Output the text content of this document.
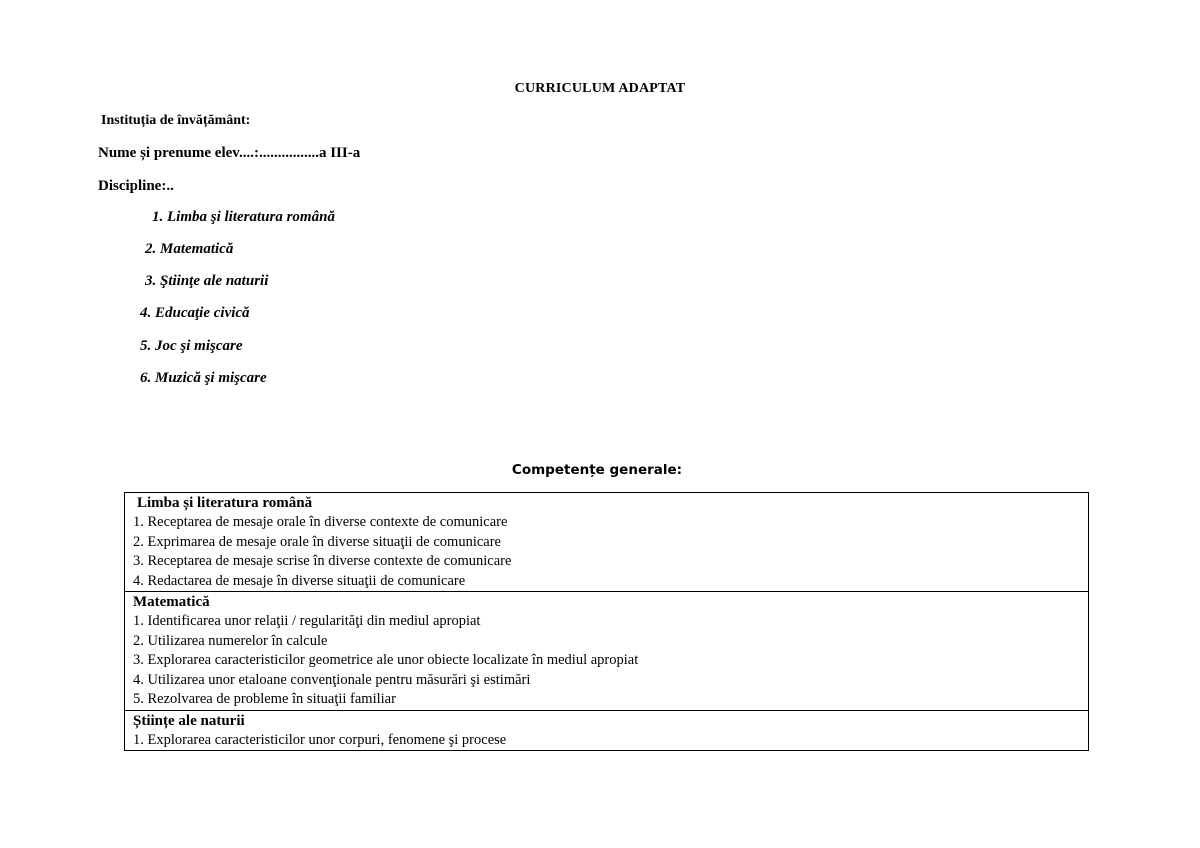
CURRICULUM ADAPTAT
Instituția de învățământ:
Nume și prenume elev....:................a III-a
Discipline:..
1. Limba şi literatura română
2. Matematică
3. Ştiinţe ale naturii
4. Educaţie civică
5. Joc şi mişcare
6. Muzică şi mişcare
Competențe generale:
Limba și literatura română
1. Receptarea de mesaje orale în diverse contexte de comunicare
2. Exprimarea de mesaje orale în diverse situaţii de comunicare
3. Receptarea de mesaje scrise în diverse contexte de comunicare
4. Redactarea de mesaje în diverse situaţii de comunicare
Matematică
1. Identificarea unor relaţii / regularităţi din mediul apropiat
2. Utilizarea numerelor în calcule
3. Explorarea caracteristicilor geometrice ale unor obiecte localizate în mediul apropiat
4. Utilizarea unor etaloane convenţionale pentru măsurări şi estimări
5. Rezolvarea de probleme în situaţii familiar
Științe ale naturii
1. Explorarea caracteristicilor unor corpuri, fenomene şi procese
